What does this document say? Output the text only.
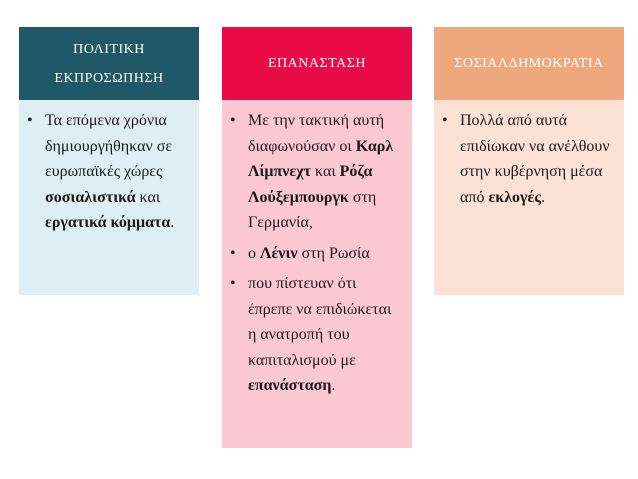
ΠΟΛΙΤΙΚΗ
ΕΚΠΡΟΣΩΠΗΣΗ
• Τα επόμενα χρόνια δημιουργήθηκαν σε ευρωπαϊκές χώρες σοσιαλιστικά και εργατικά κόμματα.
ΕΠΑΝΑΣΤΑΣΗ
• Με την τακτική αυτή διαφωνούσαν οι Καρλ Λίμπνεχτ και Ρόζα Λούξεμπουργκ στη Γερμανία,
• ο Λένιν στη Ρωσία
• που πίστευαν ότι έπρεπε να επιδιώκεται η ανατροπή του καπιταλισμού με επανάσταση.
ΣΟΣΙΑΛΔΗΜΟΚΡΑΤΙΑ
• Πολλά από αυτά επιδίωκαν να ανέλθουν στην κυβέρνηση μέσα από εκλογές.
